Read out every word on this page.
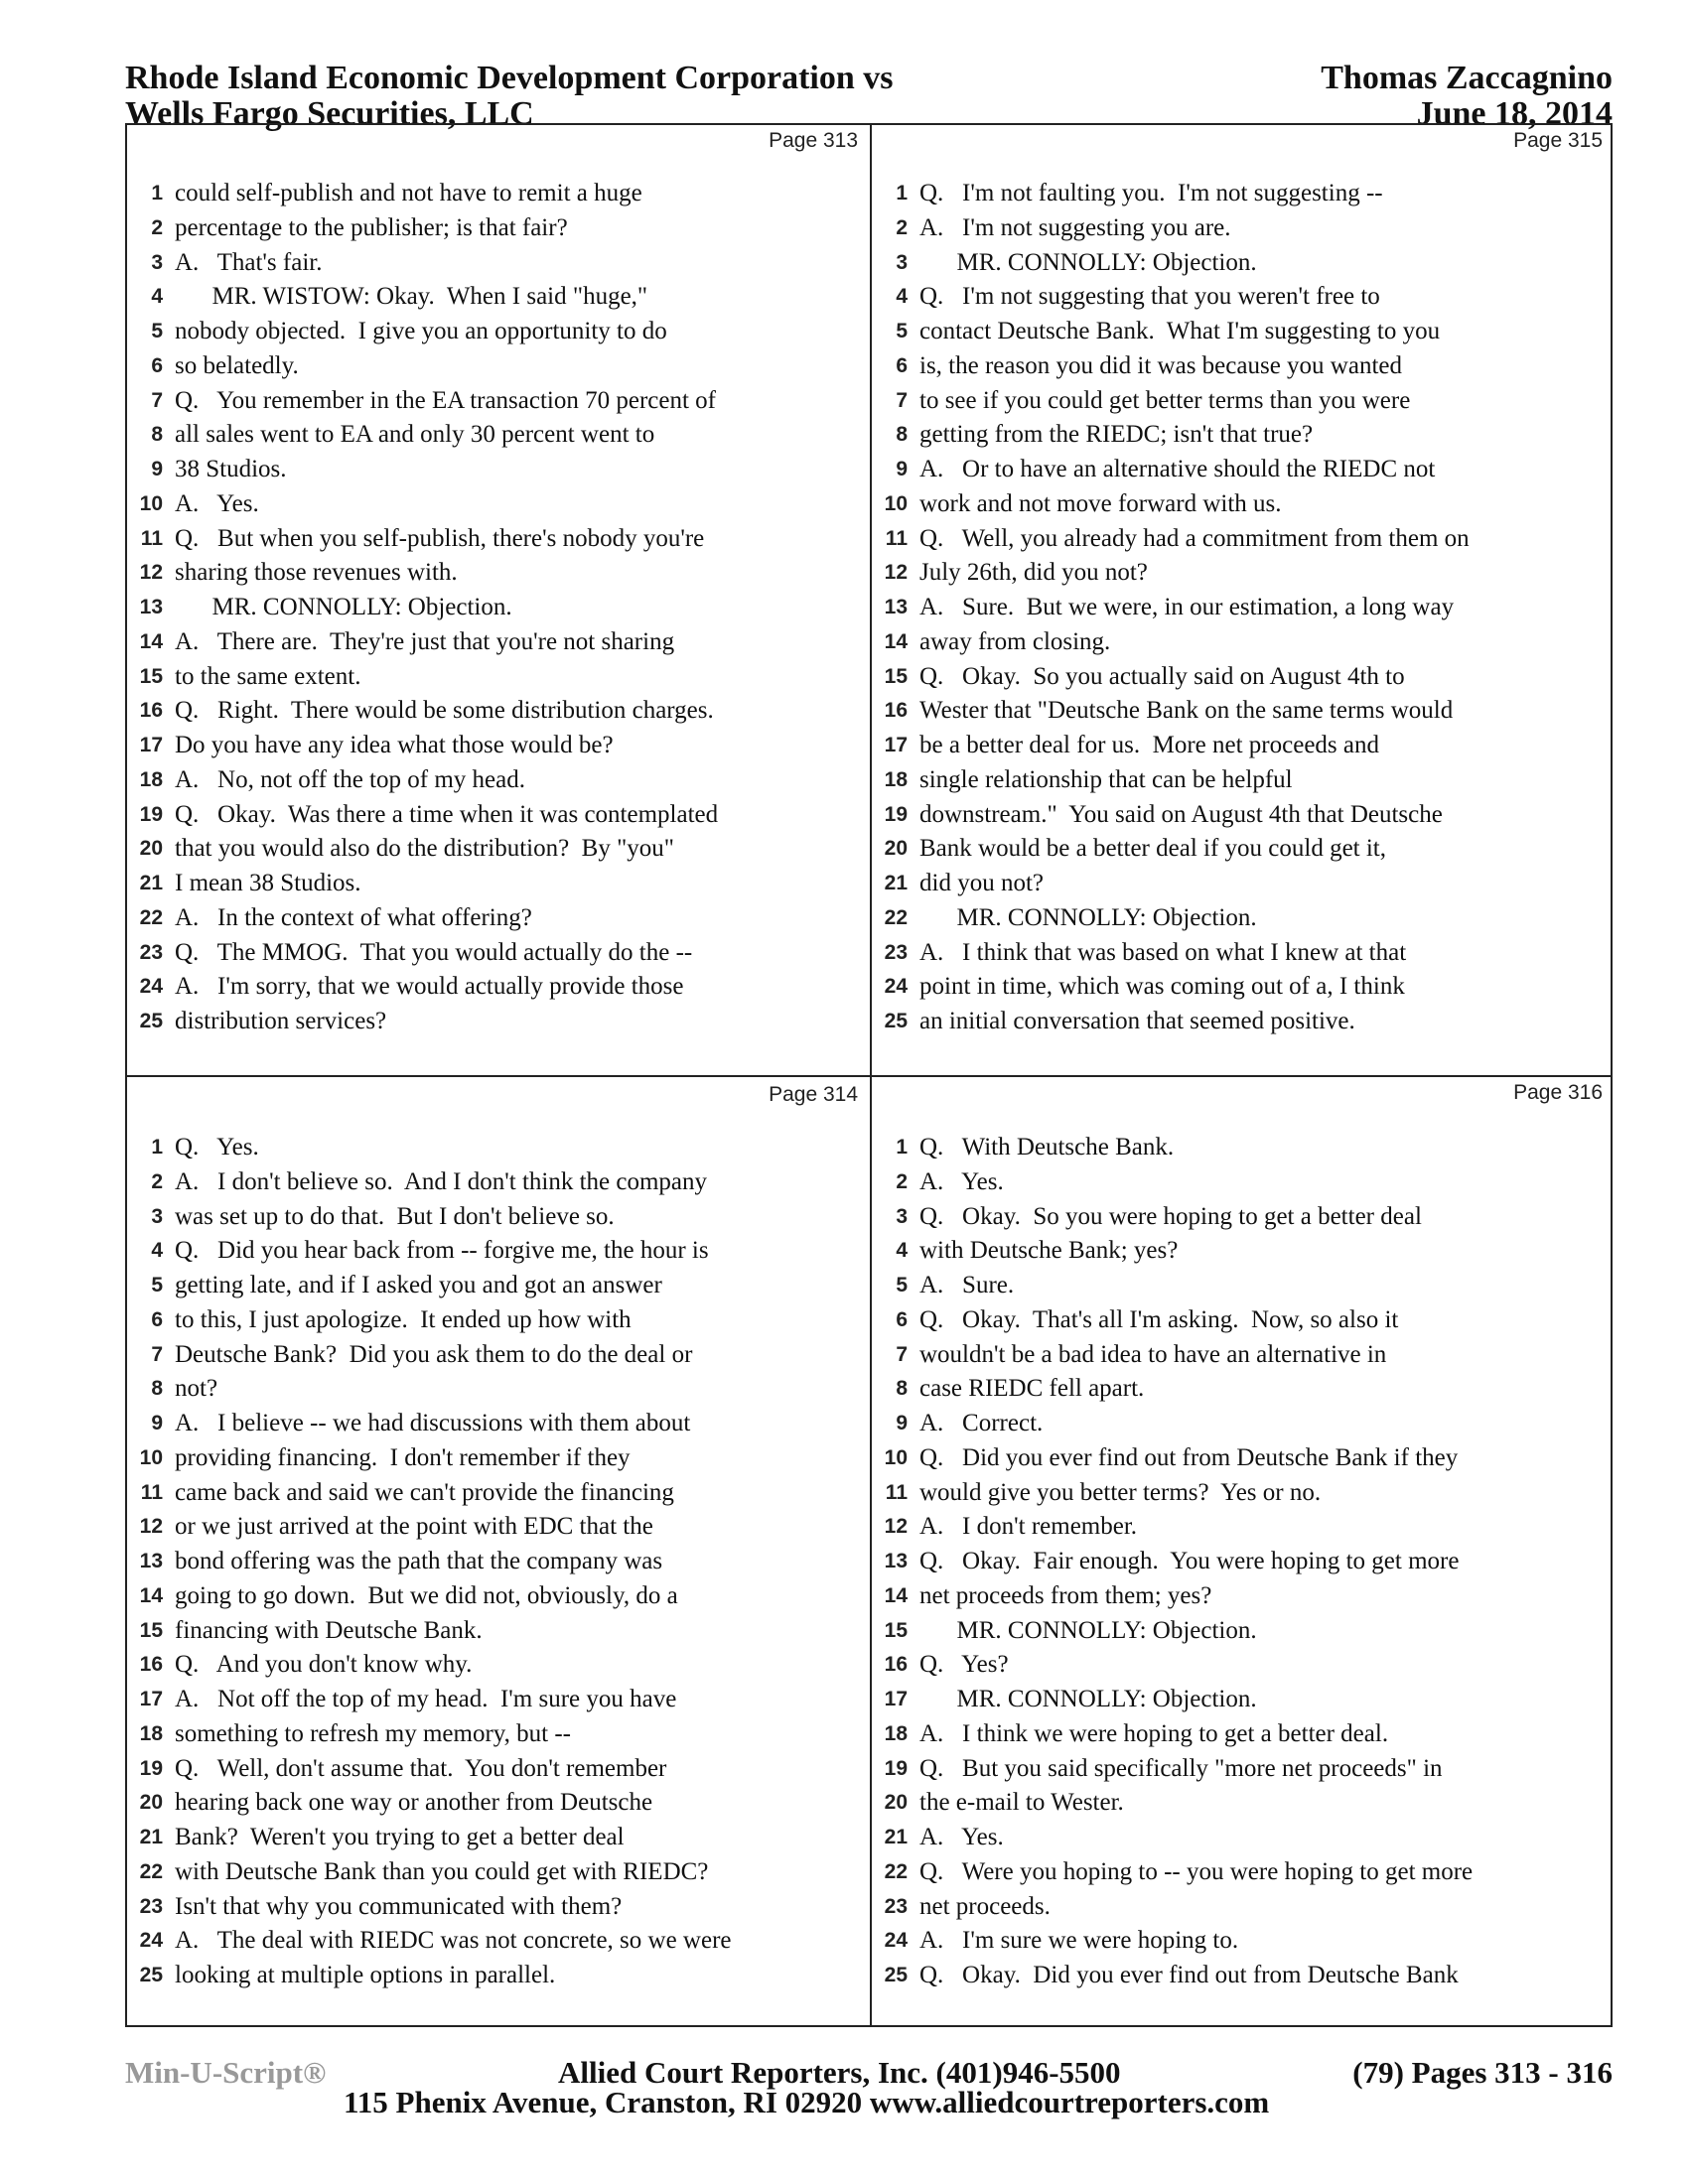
Rhode Island Economic Development Corporation vs
Wells Fargo Securities, LLC
Thomas Zaccagnino
June 18, 2014
Page 313
1 could self-publish and not have to remit a huge
2 percentage to the publisher; is that fair?
3 A.   That's fair.
4 MR. WISTOW: Okay.  When I said "huge,"
5 nobody objected.  I give you an opportunity to do
6 so belatedly.
7 Q.   You remember in the EA transaction 70 percent of
8 all sales went to EA and only 30 percent went to
9 38 Studios.
10 A.   Yes.
11 Q.   But when you self-publish, there's nobody you're
12 sharing those revenues with.
13 MR. CONNOLLY: Objection.
14 A.   There are.  They're just that you're not sharing
15 to the same extent.
16 Q.   Right.  There would be some distribution charges.
17 Do you have any idea what those would be?
18 A.   No, not off the top of my head.
19 Q.   Okay.  Was there a time when it was contemplated
20 that you would also do the distribution?  By "you"
21 I mean 38 Studios.
22 A.   In the context of what offering?
23 Q.   The MMOG.  That you would actually do the --
24 A.   I'm sorry, that we would actually provide those
25 distribution services?
Page 315
1 Q.   I'm not faulting you.  I'm not suggesting --
2 A.   I'm not suggesting you are.
3 MR. CONNOLLY: Objection.
4 Q.   I'm not suggesting that you weren't free to
5 contact Deutsche Bank.  What I'm suggesting to you
6 is, the reason you did it was because you wanted
7 to see if you could get better terms than you were
8 getting from the RIEDC; isn't that true?
9 A.   Or to have an alternative should the RIEDC not
10 work and not move forward with us.
11 Q.   Well, you already had a commitment from them on
12 July 26th, did you not?
13 A.   Sure.  But we were, in our estimation, a long way
14 away from closing.
15 Q.   Okay.  So you actually said on August 4th to
16 Wester that "Deutsche Bank on the same terms would
17 be a better deal for us.  More net proceeds and
18 single relationship that can be helpful
19 downstream."  You said on August 4th that Deutsche
20 Bank would be a better deal if you could get it,
21 did you not?
22 MR. CONNOLLY: Objection.
23 A.   I think that was based on what I knew at that
24 point in time, which was coming out of a, I think
25 an initial conversation that seemed positive.
Page 314
1 Q.   Yes.
2 A.   I don't believe so.  And I don't think the company
3 was set up to do that.  But I don't believe so.
4 Q.   Did you hear back from -- forgive me, the hour is
5 getting late, and if I asked you and got an answer
6 to this, I just apologize.  It ended up how with
7 Deutsche Bank?  Did you ask them to do the deal or
8 not?
9 A.   I believe -- we had discussions with them about
10 providing financing.  I don't remember if they
11 came back and said we can't provide the financing
12 or we just arrived at the point with EDC that the
13 bond offering was the path that the company was
14 going to go down.  But we did not, obviously, do a
15 financing with Deutsche Bank.
16 Q.   And you don't know why.
17 A.   Not off the top of my head.  I'm sure you have
18 something to refresh my memory, but --
19 Q.   Well, don't assume that.  You don't remember
20 hearing back one way or another from Deutsche
21 Bank?  Weren't you trying to get a better deal
22 with Deutsche Bank than you could get with RIEDC?
23 Isn't that why you communicated with them?
24 A.   The deal with RIEDC was not concrete, so we were
25 looking at multiple options in parallel.
Page 316
1 Q.   With Deutsche Bank.
2 A.   Yes.
3 Q.   Okay.  So you were hoping to get a better deal
4 with Deutsche Bank; yes?
5 A.   Sure.
6 Q.   Okay.  That's all I'm asking.  Now, so also it
7 wouldn't be a bad idea to have an alternative in
8 case RIEDC fell apart.
9 A.   Correct.
10 Q.   Did you ever find out from Deutsche Bank if they
11 would give you better terms?  Yes or no.
12 A.   I don't remember.
13 Q.   Okay.  Fair enough.  You were hoping to get more
14 net proceeds from them; yes?
15 MR. CONNOLLY: Objection.
16 Q.   Yes?
17 MR. CONNOLLY: Objection.
18 A.   I think we were hoping to get a better deal.
19 Q.   But you said specifically "more net proceeds" in
20 the e-mail to Wester.
21 A.   Yes.
22 Q.   Were you hoping to -- you were hoping to get more
23 net proceeds.
24 A.   I'm sure we were hoping to.
25 Q.   Okay.  Did you ever find out from Deutsche Bank
Min-U-Script®	Allied Court Reporters, Inc. (401)946-5500	(79) Pages 313 - 316
115 Phenix Avenue, Cranston, RI 02920 www.alliedcourtreporters.com
